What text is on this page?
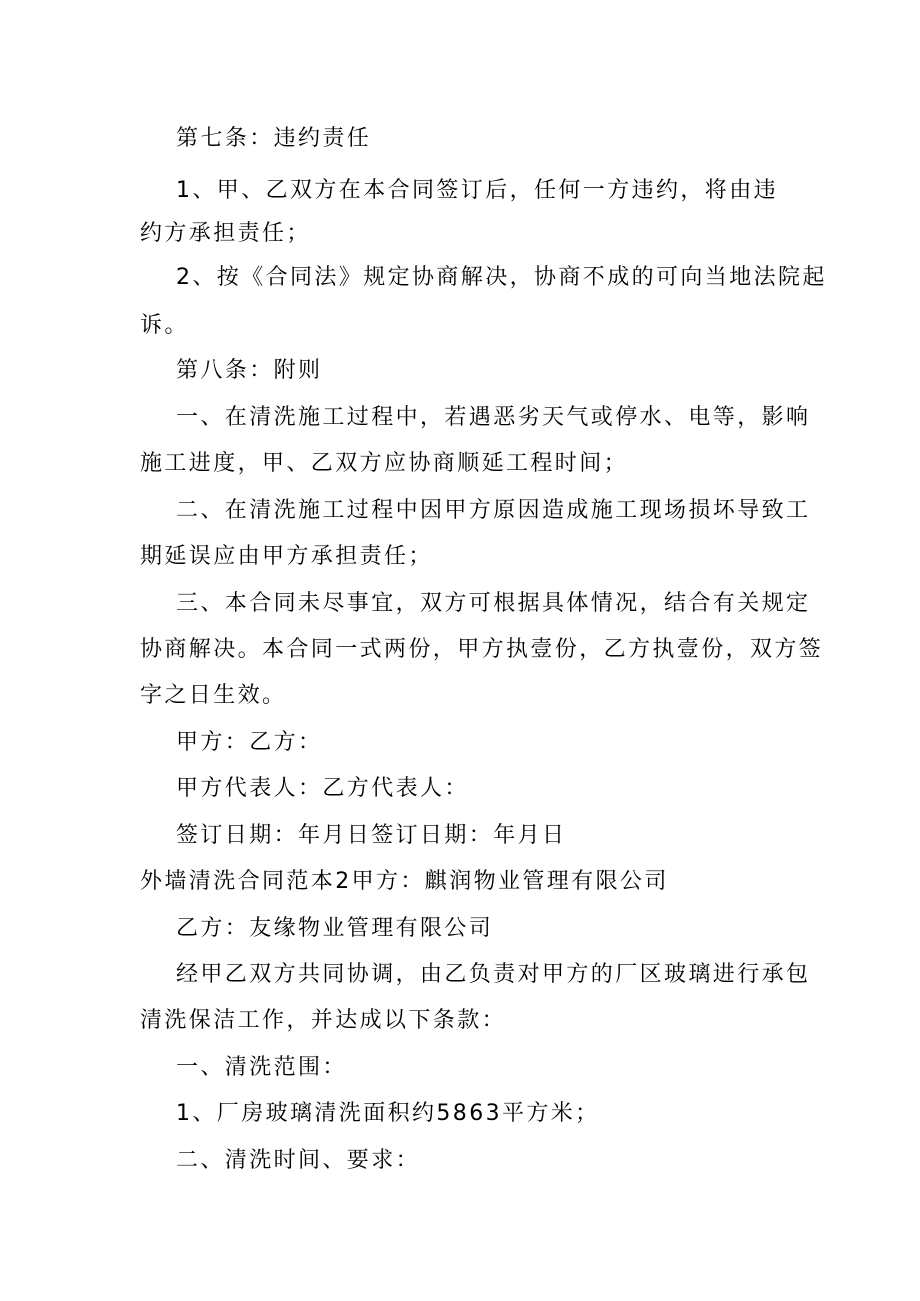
第七条：违约责任
1、甲、乙双方在本合同签订后，任何一方违约，将由违
约方承担责任；
2、按《合同法》规定协商解决，协商不成的可向当地法院起
诉。
第八条：附则
一、在清洗施工过程中，若遇恶劣天气或停水、电等，影响
施工进度，甲、乙双方应协商顺延工程时间；
二、在清洗施工过程中因甲方原因造成施工现场损坏导致工
期延误应由甲方承担责任；
三、本合同未尽事宜，双方可根据具体情况，结合有关规定
协商解决。本合同一式两份，甲方执壹份，乙方执壹份，双方签
字之日生效。
甲方：乙方：
甲方代表人：乙方代表人：
签订日期：年月日签订日期：年月日
外墙清洗合同范本2甲方：麒润物业管理有限公司
乙方：友缘物业管理有限公司
经甲乙双方共同协调，由乙负责对甲方的厂区玻璃进行承包
清洗保洁工作，并达成以下条款：
一、清洗范围：
1、厂房玻璃清洗面积约5863平方米；
二、清洗时间、要求：
